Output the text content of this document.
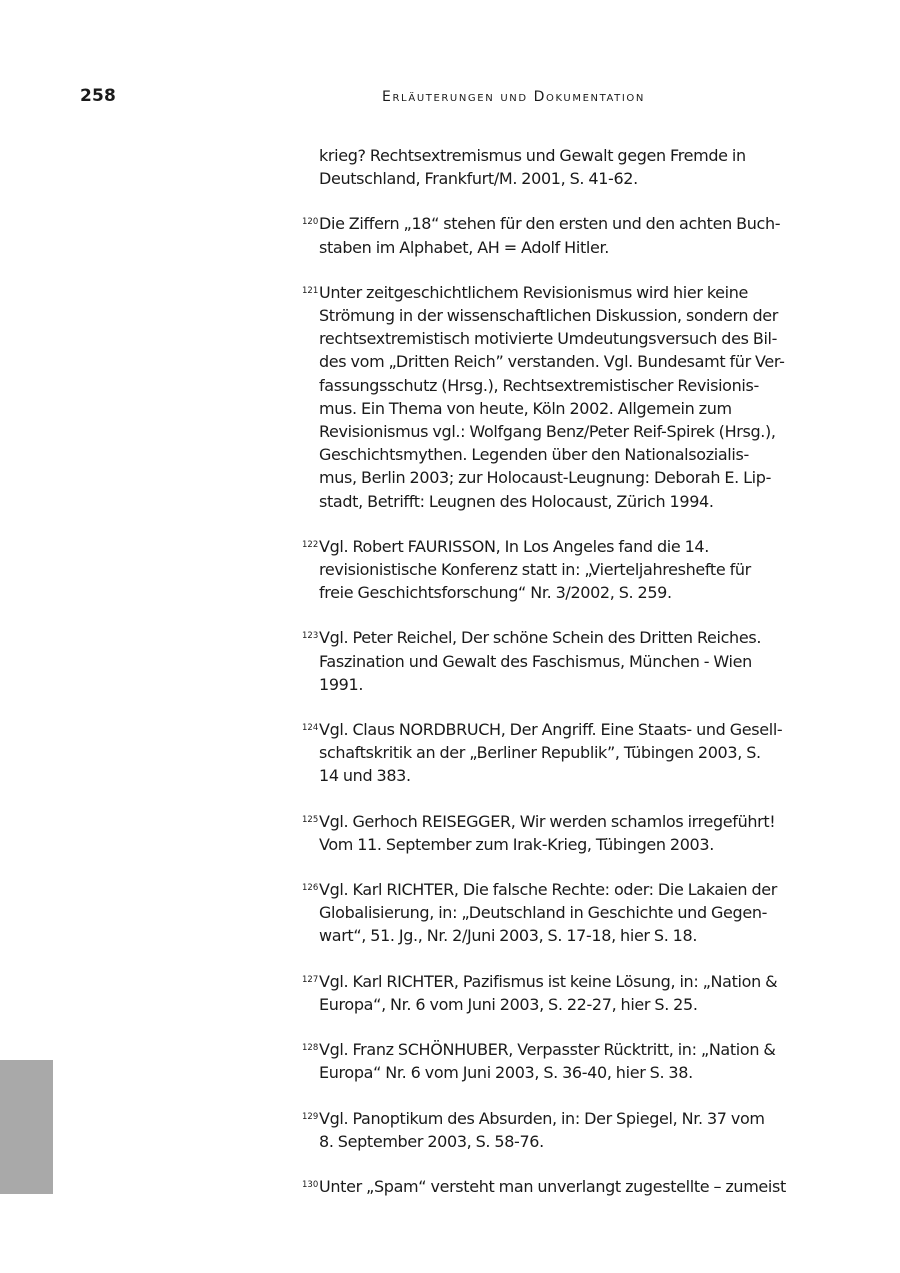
258	Erläuterungen und Dokumentation
krieg? Rechtsextremismus und Gewalt gegen Fremde in
Deutschland, Frankfurt/M. 2001, S. 41-62.
120 Die Ziffern „18“ stehen für den ersten und den achten Buch-
staben im Alphabet, AH = Adolf Hitler.
121 Unter zeitgeschichtlichem Revisionismus wird hier keine
Strömung in der wissenschaftlichen Diskussion, sondern der
rechtsextremistisch motivierte Umdeutungsversuch des Bil-
des vom „Dritten Reich” verstanden. Vgl. Bundesamt für Ver-
fassungsschutz (Hrsg.), Rechtsextremistischer Revisionis-
mus. Ein Thema von heute, Köln 2002. Allgemein zum
Revisionismus vgl.: Wolfgang Benz/Peter Reif-Spirek (Hrsg.),
Geschichtsmythen. Legenden über den Nationalsozialis-
mus, Berlin 2003; zur Holocaust-Leugnung: Deborah E. Lip-
stadt, Betrifft: Leugnen des Holocaust, Zürich 1994.
122 Vgl. Robert FAURISSON, In Los Angeles fand die 14.
revisionistische Konferenz statt in: „Vierteljahreshefte für
freie Geschichtsforschung“ Nr. 3/2002, S. 259.
123 Vgl. Peter Reichel, Der schöne Schein des Dritten Reiches.
Faszination und Gewalt des Faschismus, München - Wien
1991.
124 Vgl. Claus NORDBRUCH, Der Angriff. Eine Staats- und Gesell-
schaftskritik an der „Berliner Republik”, Tübingen 2003, S.
14 und 383.
125 Vgl. Gerhoch REISEGGER, Wir werden schamlos irregeführt!
Vom 11. September zum Irak-Krieg, Tübingen 2003.
126 Vgl. Karl RICHTER, Die falsche Rechte: oder: Die Lakaien der
Globalisierung, in: „Deutschland in Geschichte und Gegen-
wart“, 51. Jg., Nr. 2/Juni 2003, S. 17-18, hier S. 18.
127 Vgl. Karl RICHTER, Pazifismus ist keine Lösung, in: „Nation &
Europa“, Nr. 6 vom Juni 2003, S. 22-27, hier S. 25.
128 Vgl. Franz SCHÖNHUBER, Verpasster Rücktritt, in: „Nation &
Europa“ Nr. 6 vom Juni 2003, S. 36-40, hier S. 38.
129 Vgl. Panoptikum des Absurden, in: Der Spiegel, Nr. 37 vom
8. September 2003, S. 58-76.
130 Unter „Spam“ versteht man unverlangt zugestellte – zumeist
